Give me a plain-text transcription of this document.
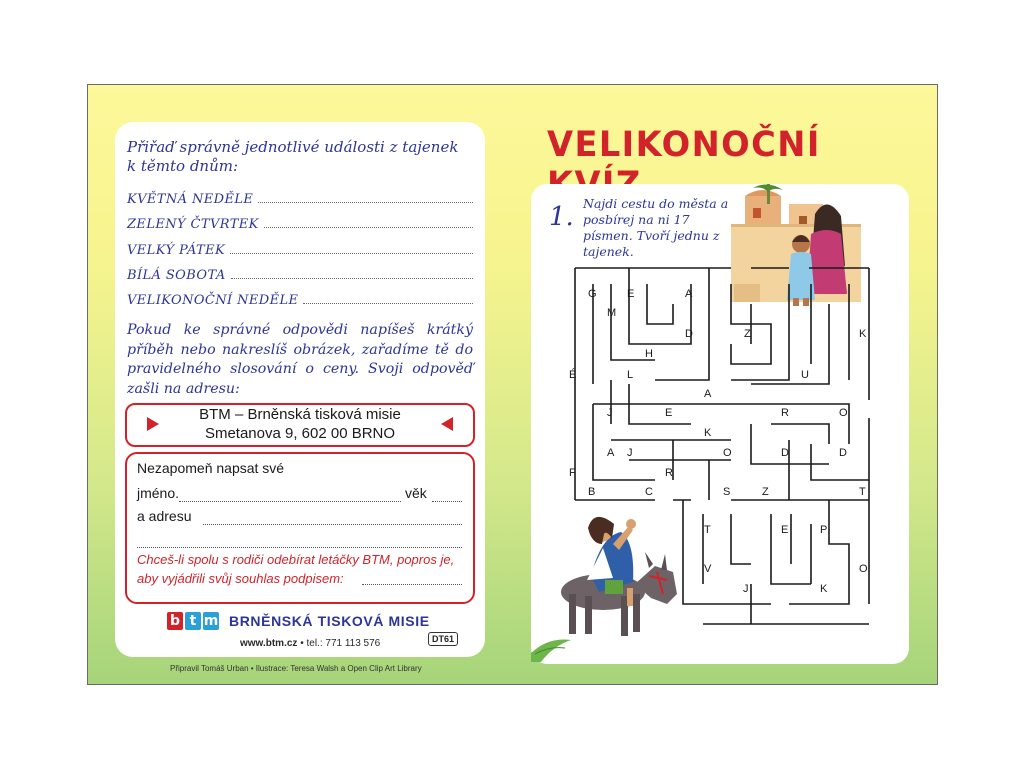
Přiřaď správně jednotlivé události z tajenek k těmto dnům:
KVĚTNÁ NEDĚLE
ZELENÝ ČTVRTEK
VELKÝ PÁTEK
BÍLÁ SOBOTA
VELIKONOČNÍ NEDĚLE
Pokud ke správné odpovědi napíšeš krátký příběh nebo nakreslíš obrázek, zařadíme tě do pravidelného slosování o ceny. Svoji odpověď zašli na adresu:
BTM – Brněnská tisková misie
Smetanova 9, 602 00 BRNO
Nezapomeň napsat své
jméno.	věk
a adresu
Chceš-li spolu s rodiči odebírat letáčky BTM, popros je, aby vyjádřili svůj souhlas podpisem:
b t m BRNĚNSKÁ TISKOVÁ MISIE
www.btm.cz • tel.: 771 113 576	DT61
Připravil Tomáš Urban • Ilustrace: Teresa Walsh a Open Clip Art Library
VELIKONOČNÍ
1. Najdi cestu do města a posbírej na ni 17 písmen. Tvoří jednu z tajenek.
G	E	A
M
D	Z	K
H
É	L	U
A
J	E	R	O
K
A J	O	D	D
F	R
B	C	S	Z	T
T	E	P
V	O
J	K
